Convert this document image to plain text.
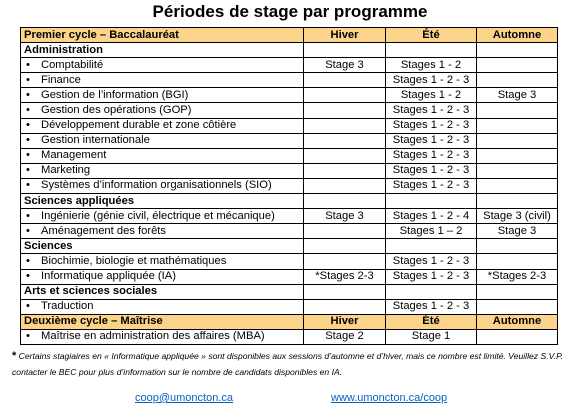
Périodes de stage par programme
Premier cycle – Baccalauréat	Hiver	Été	Automne
Administration			
• Comptabilité	Stage 3	Stages 1 - 2	
• Finance		Stages 1 - 2 - 3	
• Gestion de l’information (BGI)		Stages 1 - 2	Stage 3
• Gestion des opérations (GOP)		Stages 1 - 2 - 3	
• Développement durable et zone côtière		Stages 1 - 2 - 3	
• Gestion internationale		Stages 1 - 2 - 3	
• Management		Stages 1 - 2 - 3	
• Marketing		Stages 1 - 2 - 3	
• Systèmes d’information organisationnels (SIO)		Stages 1 - 2 - 3	
Sciences appliquées			
• Ingénierie (génie civil, électrique et mécanique)	Stage 3	Stages 1 - 2 - 4	Stage 3 (civil)
• Aménagement des forêts		Stages 1 – 2	Stage 3
Sciences			
• Biochimie, biologie et mathématiques		Stages 1 - 2 - 3	
• Informatique appliquée (IA)	*Stages 2-3	Stages 1 - 2 - 3	*Stages 2-3
Arts et sciences sociales			
• Traduction		Stages 1 - 2 - 3	
Deuxième cycle – Maîtrise	Hiver	Été	Automne
• Maîtrise en administration des affaires (MBA)	Stage 2	Stage 1	
* Certains stagiaires en « Informatique appliquée » sont disponibles aux sessions d’automne et d’hiver, mais ce nombre est limité. Veuillez S.V.P. contacter le BEC pour plus d’information sur le nombre de candidats disponibles en IA.
coop@umoncton.ca	www.umoncton.ca/coop
